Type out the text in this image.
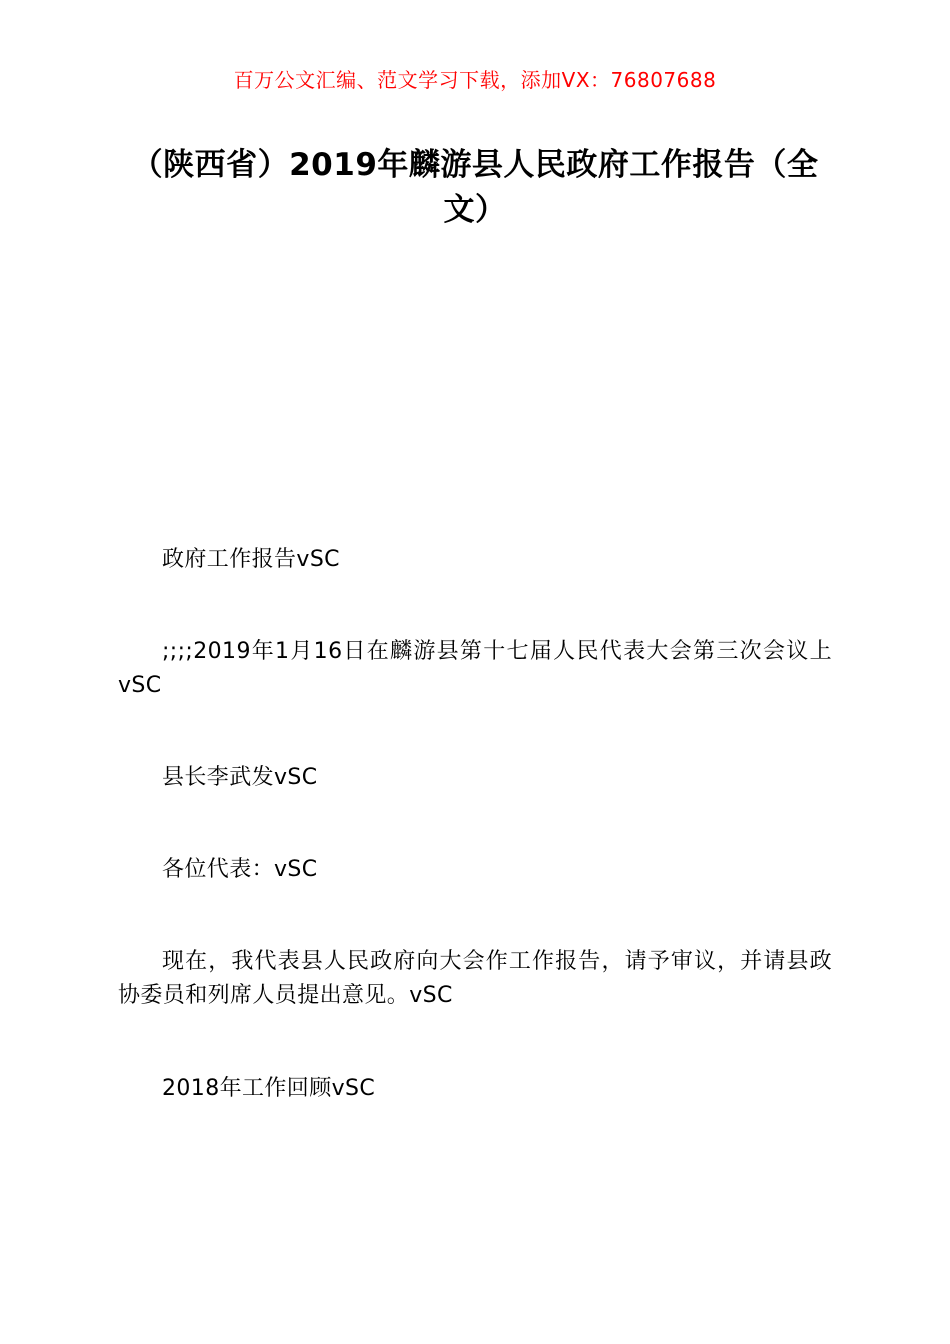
百万公文汇编、范文学习下载，添加VX：76807688
（陕西省）2019年麟游县人民政府工作报告（全文）

政府工作报告vSC

;;;;2019年1月16日在麟游县第十七届人民代表大会第三次会议上vSC

县长李武发vSC

各位代表：vSC

现在，我代表县人民政府向大会作工作报告，请予审议，并请县政协委员和列席人员提出意见。vSC

2018年工作回顾vSC
